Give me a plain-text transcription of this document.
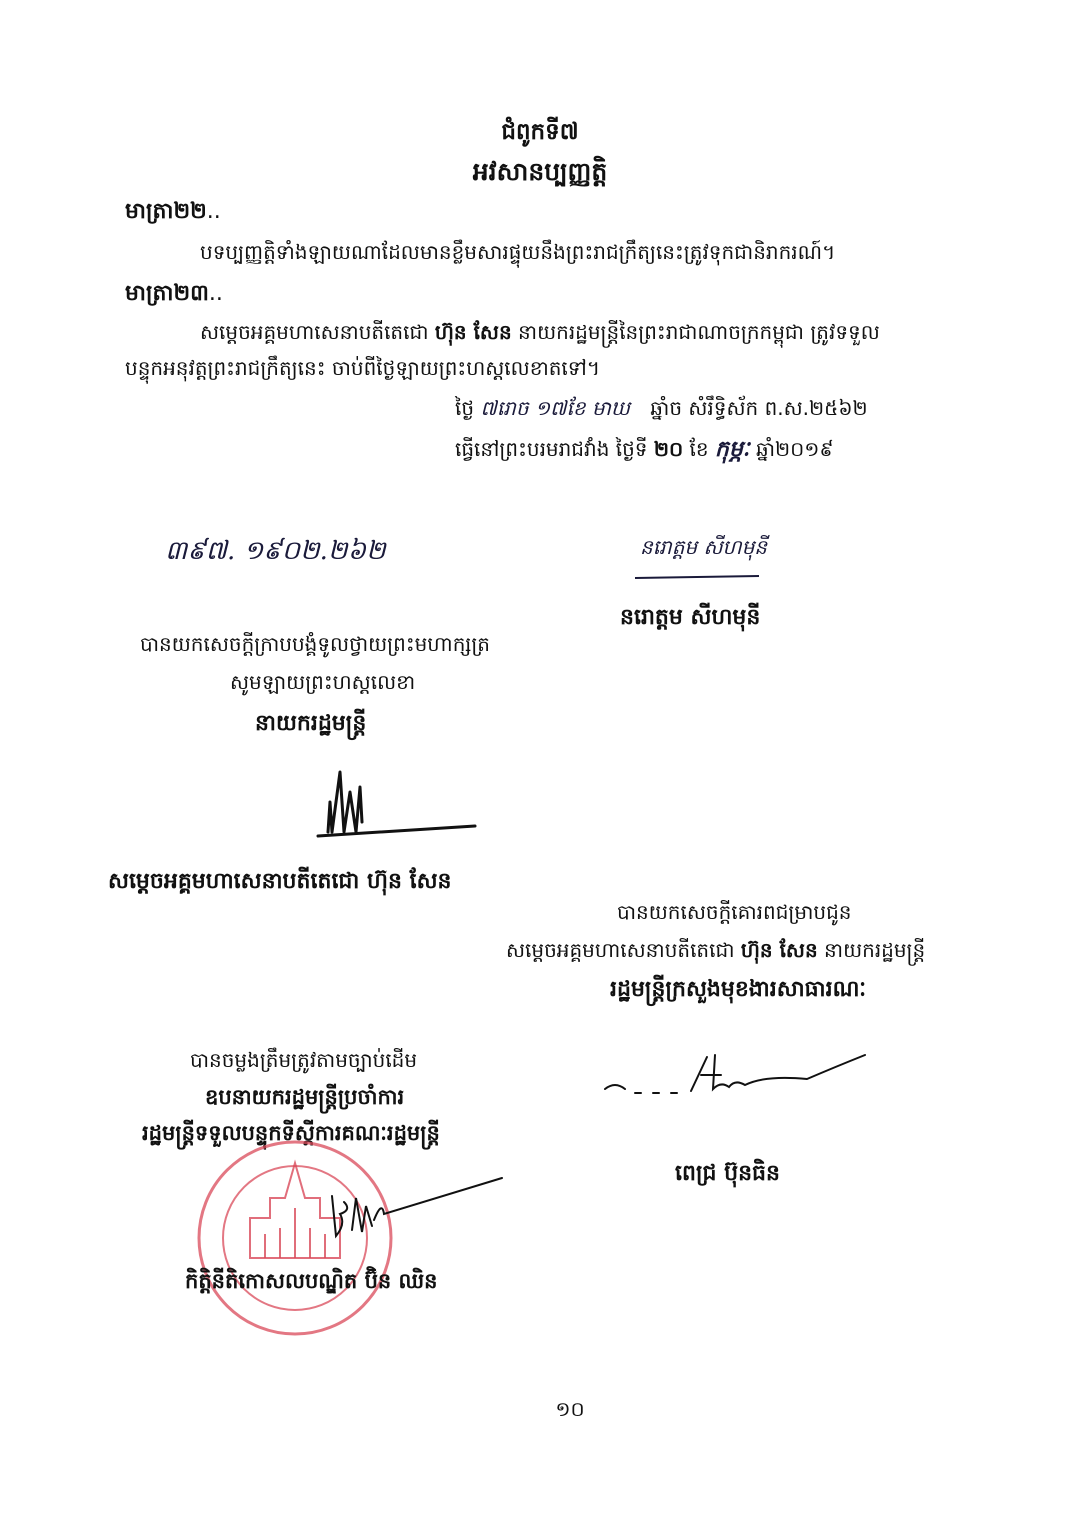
ជំពូកទី៧
អវសានប្បញ្ញត្តិ
មាត្រា២២..
បទប្បញ្ញត្តិទាំងឡាយណាដែលមានខ្លឹមសារផ្ទុយនឹងព្រះរាជក្រឹត្យនេះត្រូវទុកជានិរាករណ៍។
មាត្រា២៣..
សម្តេចអគ្គមហាសេនាបតីតេជោ ហ៊ុន សែន នាយករដ្ឋមន្ត្រីនៃព្រះរាជាណាចក្រកម្ពុជា ត្រូវទទួល
បន្ទុកអនុវត្តព្រះរាជក្រឹត្យនេះ ចាប់ពីថ្ងៃឡាយព្រះហស្តលេខាតទៅ។
ថ្ងៃ ៧រោច ១៧ខែ មាឃ ឆ្នាំច សំរឹទ្ធិស័ក ព.ស.២៥៦២
ធ្វើនៅព្រះបរមរាជវាំង ថ្ងៃទី ២០ ខែ កុម្ភៈ ឆ្នាំ២០១៩
៣៩៧. ១៩០២.២៦២	នរោត្តម សីហមុនី
នរោត្តម សីហមុនី
បានយកសេចក្តីក្រាបបង្គំទូលថ្វាយព្រះមហាក្សត្រ
សូមឡាយព្រះហស្តលេខា
នាយករដ្ឋមន្ត្រី
សម្តេចអគ្គមហាសេនាបតីតេជោ ហ៊ុន សែន
បានយកសេចក្តីគោរពជម្រាបជូន
សម្តេចអគ្គមហាសេនាបតីតេជោ ហ៊ុន សែន នាយករដ្ឋមន្ត្រី
រដ្ឋមន្ត្រីក្រសួងមុខងារសាធារណៈ
ពេជ្រ ប៊ុនធិន
បានចម្លងត្រឹមត្រូវតាមច្បាប់ដើម
ឧបនាយករដ្ឋមន្ត្រីប្រចាំការ
រដ្ឋមន្ត្រីទទួលបន្ទុកទីស្តីការគណៈរដ្ឋមន្ត្រី
កិត្តិនីតិកោសលបណ្ឌិត ប៊ិន ឈិន
១០
